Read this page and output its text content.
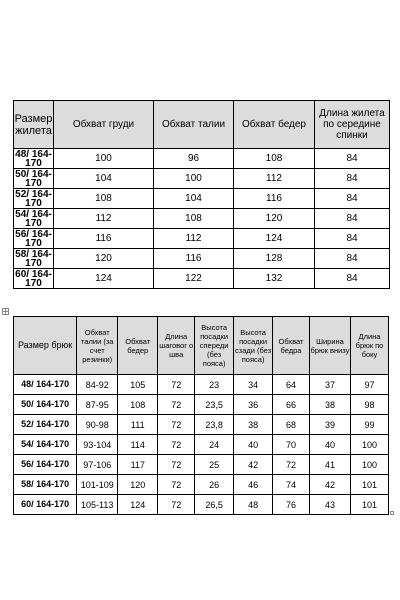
Размер жилета	Обхват груди	Обхват талии	Обхват бедер	Длина жилета по середине спинки
48/ 164-170	100	96	108	84
50/ 164-170	104	100	112	84
52/ 164-170	108	104	116	84
54/ 164-170	112	108	120	84
56/ 164-170	116	112	124	84
58/ 164-170	120	116	128	84
60/ 164-170	124	122	132	84
Размер брюк	Обхват талии (за счет резинки)	Обхват бедер	Длина шаговог о шва	Высота посадки спереди (без пояса)	Высота посадки сзади (без пояса)	Обхват бедра	Ширина брюк внизу	Длина брюк по боку
48/ 164-170	84-92	105	72	23	34	64	37	97
50/ 164-170	87-95	108	72	23,5	36	66	38	98
52/ 164-170	90-98	111	72	23,8	38	68	39	99
54/ 164-170	93-104	114	72	24	40	70	40	100
56/ 164-170	97-106	117	72	25	42	72	41	100
58/ 164-170	101-109	120	72	26	46	74	42	101
60/ 164-170	105-113	124	72	26,5	48	76	43	101
